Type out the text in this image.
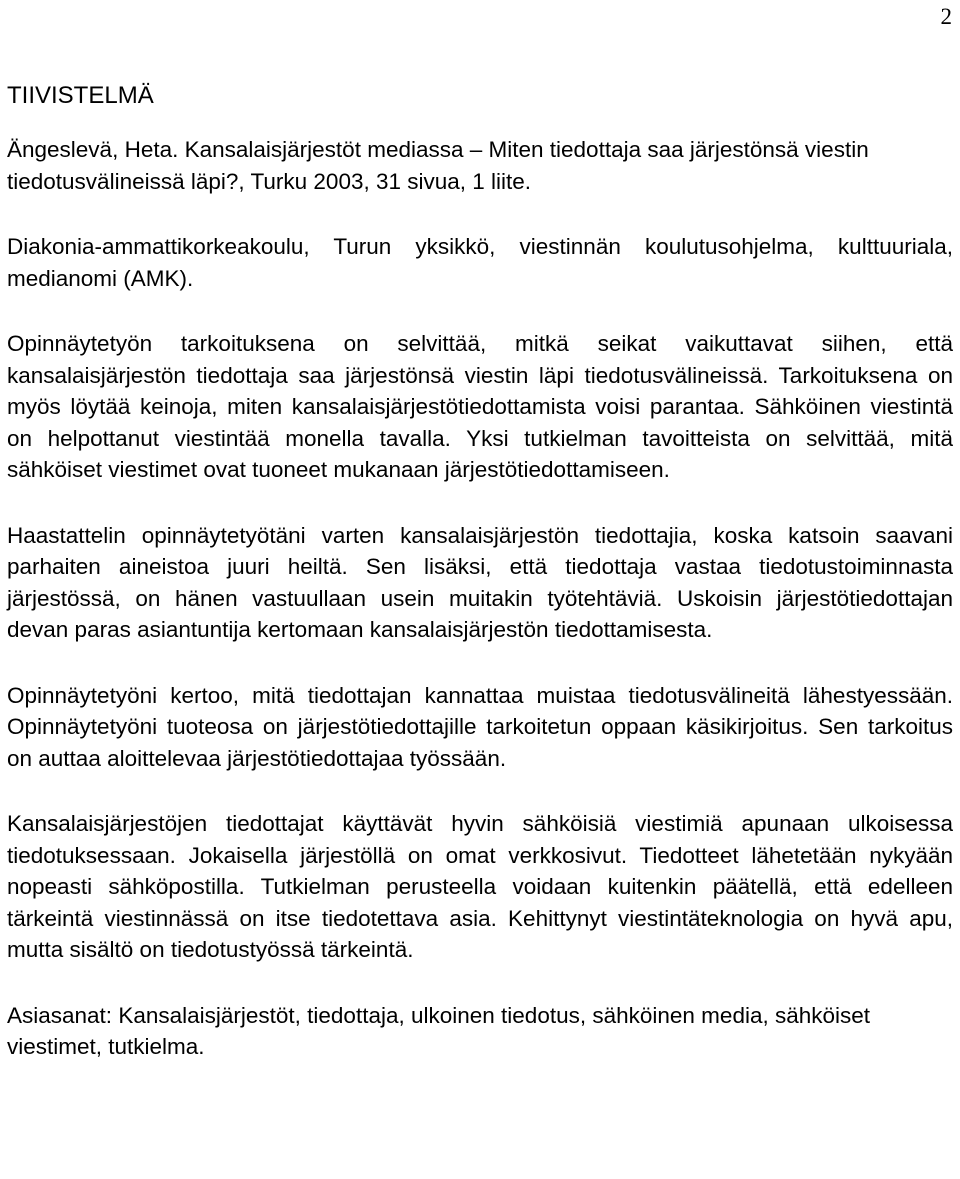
2
TIIVISTELMÄ

Ängeslevä, Heta. Kansalaisjärjestöt mediassa – Miten tiedottaja saa järjestönsä viestin tiedotusvälineissä läpi?, Turku 2003, 31 sivua, 1 liite.

Diakonia-ammattikorkeakoulu, Turun yksikkö, viestinnän koulutusohjelma, kulttuuriala, medianomi (AMK).

Opinnäytetyön tarkoituksena on selvittää, mitkä seikat vaikuttavat siihen, että kansalaisjärjestön tiedottaja saa järjestönsä viestin läpi tiedotusvälineissä. Tarkoituksena on myös löytää keinoja, miten kansalaisjärjestötiedottamista voisi parantaa. Sähköinen viestintä on helpottanut viestintää monella tavalla. Yksi tutkielman tavoitteista on selvittää, mitä sähköiset viestimet ovat tuoneet mukanaan järjestötiedottamiseen.

Haastattelin opinnäytetyötäni varten kansalaisjärjestön tiedottajia, koska katsoin saavani parhaiten aineistoa juuri heiltä. Sen lisäksi, että tiedottaja vastaa tiedotustoiminnasta järjestössä, on hänen vastuullaan usein muitakin työtehtäviä. Uskoisin järjestötiedottajan devan paras asiantuntija kertomaan kansalaisjärjestön tiedottamisesta.

Opinnäytetyöni kertoo, mitä tiedottajan kannattaa muistaa tiedotusvälineitä lähestyessään. Opinnäytetyöni tuoteosa on järjestötiedottajille tarkoitetun oppaan käsikirjoitus. Sen tarkoitus on auttaa aloittelevaa järjestötiedottajaa työssään.

Kansalaisjärjestöjen tiedottajat käyttävät hyvin sähköisiä viestimiä apunaan ulkoisessa tiedotuksessaan. Jokaisella järjestöllä on omat verkkosivut. Tiedotteet lähetetään nykyään nopeasti sähköpostilla. Tutkielman perusteella voidaan kuitenkin päätellä, että edelleen tärkeintä viestinnässä on itse tiedotettava asia. Kehittynyt viestintäteknologia on hyvä apu, mutta sisältö on tiedotustyössä tärkeintä.

Asiasanat: Kansalaisjärjestöt, tiedottaja, ulkoinen tiedotus, sähköinen media, sähköiset viestimet, tutkielma.
